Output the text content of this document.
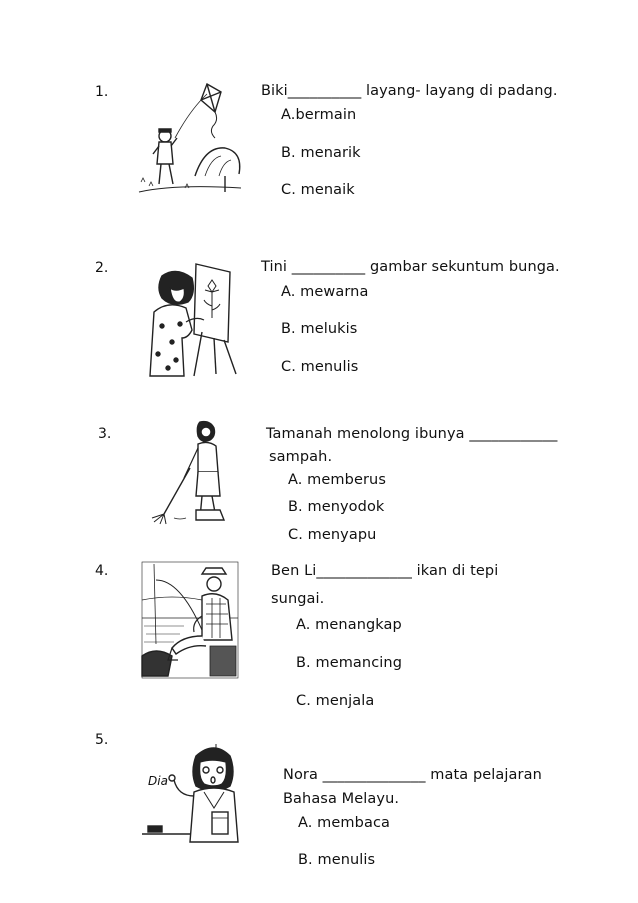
1.	Biki__________ layang- layang di padang.
A.bermain
B. menarik
C. menaik
2.	Tini __________ gambar sekuntum bunga.
A. mewarna
B. melukis
C. menulis
3.	Tamanah menolong ibunya ____________
sampah.
A. memberus
B. menyodok
C. menyapu
4.	Ben Li_____________ ikan di tepi
sungai.
A. menangkap
B. memancing
C. menjala
5.
Dia	Nora ______________ mata pelajaran
Bahasa Melayu.
A. membaca
B. menulis
